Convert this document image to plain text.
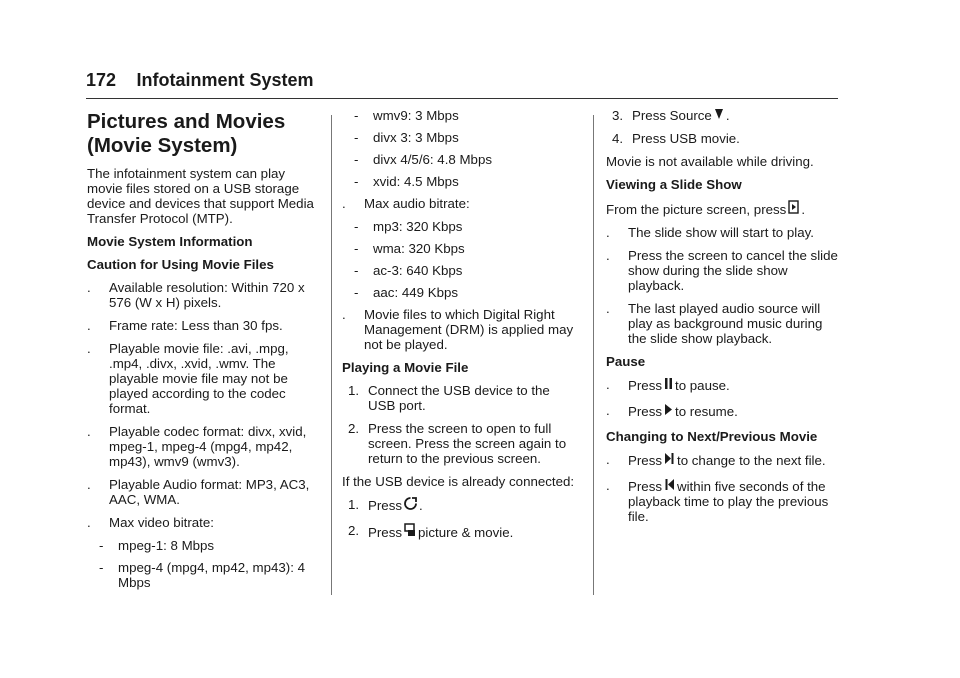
172 Infotainment System
Pictures and Movies (Movie System)

The infotainment system can play movie files stored on a USB storage device and devices that support Media Transfer Protocol (MTP).

Movie System Information

Caution for Using Movie Files

. Available resolution: Within 720 x 576 (W x H) pixels.
. Frame rate: Less than 30 fps.
. Playable movie file: .avi, .mpg, .mp4, .divx, .xvid, .wmv. The playable movie file may not be played according to the codec format.
. Playable codec format: divx, xvid, mpeg-1, mpeg-4 (mpg4, mp42, mp43), wmv9 (wmv3).
. Playable Audio format: MP3, AC3, AAC, WMA.
. Max video bitrate:
- mpeg-1: 8 Mbps
- mpeg-4 (mpg4, mp42, mp43): 4 Mbps
- wmv9: 3 Mbps
- divx 3: 3 Mbps
- divx 4/5/6: 4.8 Mbps
- xvid: 4.5 Mbps
. Max audio bitrate:
- mp3: 320 Kbps
- wma: 320 Kbps
- ac-3: 640 Kbps
- aac: 449 Kbps
. Movie files to which Digital Right Management (DRM) is applied may not be played.

Playing a Movie File

1. Connect the USB device to the USB port.
2. Press the screen to open to full screen. Press the screen again to return to the previous screen.

If the USB device is already connected:

1. Press .
2. Press picture & movie.
3. Press Source .
4. Press USB movie.

Movie is not available while driving.

Viewing a Slide Show

From the picture screen, press .

. The slide show will start to play.
. Press the screen to cancel the slide show during the slide show playback.
. The last played audio source will play as background music during the slide show playback.

Pause

. Press to pause.
. Press to resume.

Changing to Next/Previous Movie

. Press to change to the next file.
. Press within five seconds of the playback time to play the previous file.
